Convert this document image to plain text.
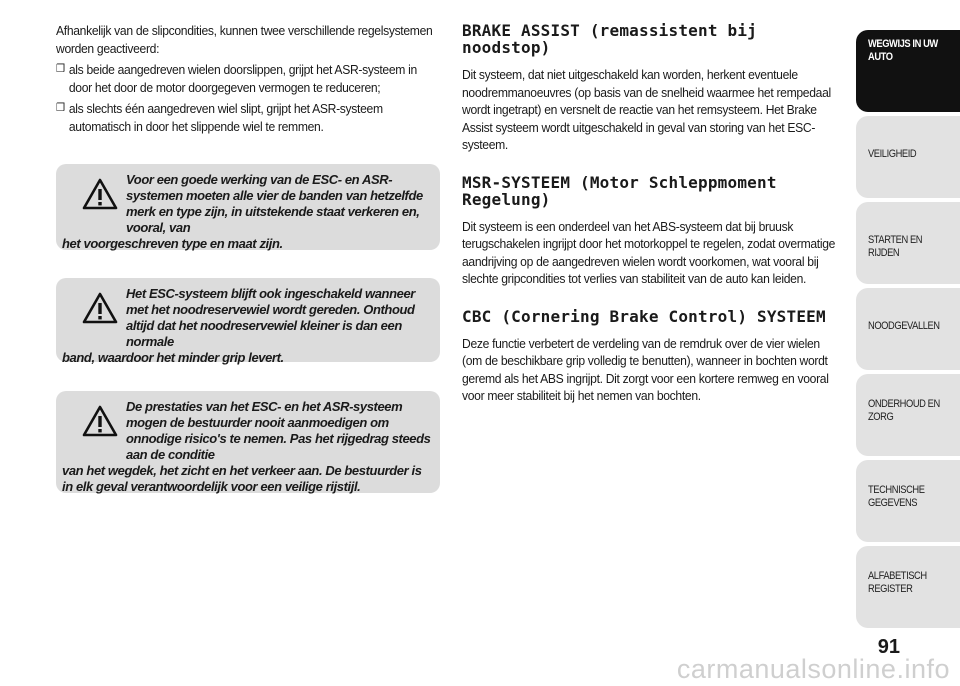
Afhankelijk van de slipcondities, kunnen twee verschillende regelsystemen worden geactiveerd:

❒ als beide aangedreven wielen doorslippen, grijpt het ASR-systeem in door het door de motor doorgegeven vermogen te reduceren;
❒ als slechts één aangedreven wiel slipt, grijpt het ASR-systeem automatisch in door het slippende wiel te remmen.
Voor een goede werking van de ESC- en ASR-systemen moeten alle vier de banden van hetzelfde merk en type zijn, in uitstekende staat verkeren en, vooral, van
het voorgeschreven type en maat zijn.
Het ESC-systeem blijft ook ingeschakeld wanneer met het noodreservewiel wordt gereden. Onthoud altijd dat het noodreservewiel kleiner is dan een normale
band, waardoor het minder grip levert.
De prestaties van het ESC- en het ASR-systeem mogen de bestuurder nooit aanmoedigen om onnodige risico's te nemen. Pas het rijgedrag steeds aan de conditie
van het wegdek, het zicht en het verkeer aan. De bestuurder is in elk geval verantwoordelijk voor een veilige rijstijl.
BRAKE ASSIST (remassistent bij noodstop)

Dit systeem, dat niet uitgeschakeld kan worden, herkent eventuele noodremmanoeuvres (op basis van de snelheid waarmee het rempedaal wordt ingetrapt) en versnelt de reactie van het remsysteem. Het Brake Assist systeem wordt uitgeschakeld in geval van storing van het ESC-systeem.

MSR-SYSTEEM (Motor Schleppmoment Regelung)

Dit systeem is een onderdeel van het ABS-systeem dat bij bruusk terugschakelen ingrijpt door het motorkoppel te regelen, zodat overmatige aandrijving op de aangedreven wielen wordt voorkomen, wat vooral bij slechte gripcondities tot verlies van stabiliteit van de auto kan leiden.

CBC (Cornering Brake Control) SYSTEEM

Deze functie verbetert de verdeling van de remdruk over de vier wielen (om de beschikbare grip volledig te benutten), wanneer in bochten wordt geremd als het ABS ingrijpt. Dit zorgt voor een kortere remweg en vooral voor meer stabiliteit bij het nemen van bochten.

WEGWIJS IN UW AUTO
VEILIGHEID
STARTEN EN RIJDEN
NOODGEVALLEN
ONDERHOUD EN ZORG
TECHNISCHE GEGEVENS
ALFABETISCH REGISTER
91
carmanualsonline.info
